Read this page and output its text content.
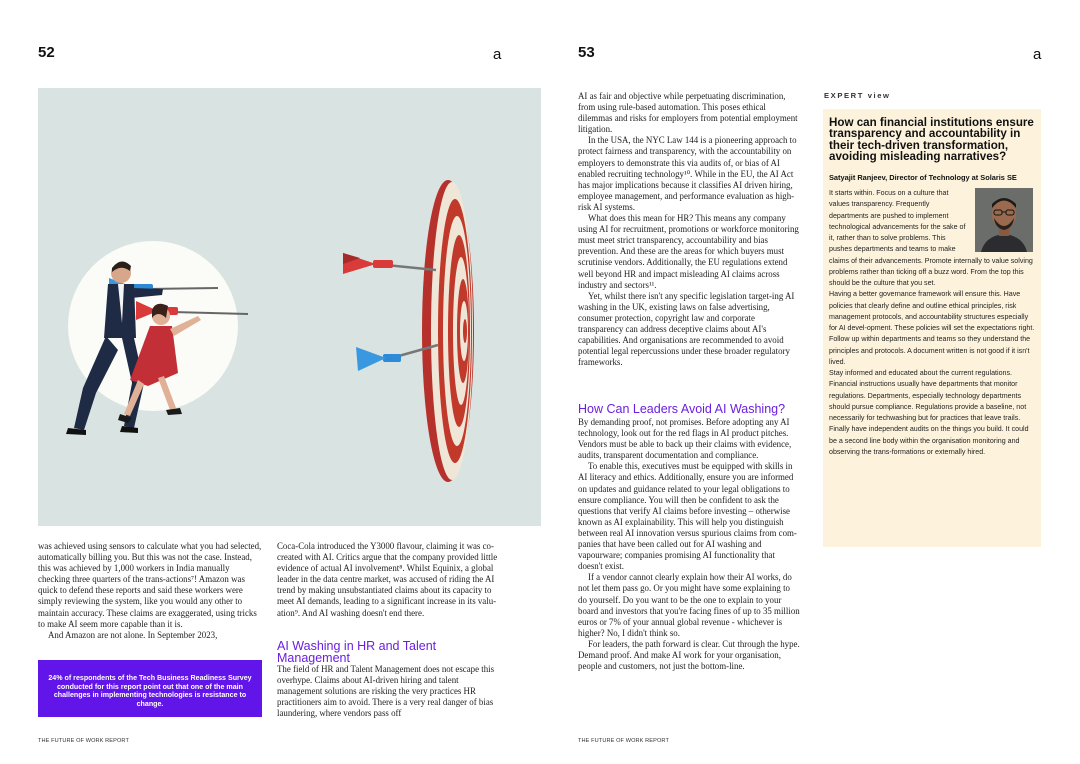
52	a

was achieved using sensors to calculate what you had selected, automatically billing you. But this was not the case. Instead, this was achieved by 1,000 workers in India manually checking three quarters of the trans-actions⁷! Amazon was quick to defend these reports and said these workers were simply reviewing the system, like you would any other to maintain accuracy. These claims are exaggerated, using tricks to make AI seem more capable than it is.

And Amazon are not alone. In September 2023,

24% of respondents of the Tech Business Readiness Survey conducted for this report point out that one of the main challenges in implementing technologies is resistance to change.

Coca-Cola introduced the Y3000 flavour, claiming it was co-created with AI. Critics argue that the company provided little evidence of actual AI involvement⁸. Whilst Equinix, a global leader in the data centre market, was accused of riding the AI trend by making unsubstantiated claims about its capacity to meet AI demands, leading to a significant increase in its valu-ation⁹. And AI washing doesn't end there.

AI Washing in HR and Talent Management

The field of HR and Talent Management does not escape this overhype. Claims about AI-driven hiring and talent management solutions are risking the very practices HR practitioners aim to avoid. There is a very real danger of bias laundering, where vendors pass off

THE FUTURE OF WORK REPORT
53	a

AI as fair and objective while perpetuating discrimination, from using rule-based automation. This poses ethical dilemmas and risks for employers from potential employment litigation.

In the USA, the NYC Law 144 is a pioneering approach to protect fairness and transparency, with the accountability on employers to demonstrate this via audits of, or bias of AI enabled recruiting technology¹⁰. While in the EU, the AI Act has major implications because it classifies AI driven hiring, employee management, and performance evaluation as high-risk AI systems.

What does this mean for HR? This means any company using AI for recruitment, promotions or workforce monitoring must meet strict transparency, accountability and bias prevention. And these are the areas for which buyers must scrutinise vendors. Additionally, the EU regulations extend well beyond HR and impact misleading AI claims across industry and sectors¹¹.

Yet, whilst there isn't any specific legislation target-ing AI washing in the UK, existing laws on false advertising, consumer protection, copyright law and corporate transparency can address deceptive claims about AI's capabilities. And organisations are recommended to avoid potential legal repercussions under these broader regulatory frameworks.

How Can Leaders Avoid AI Washing?

By demanding proof, not promises. Before adopting any AI technology, look out for the red flags in AI product pitches. Vendors must be able to back up their claims with evidence, audits, transparent documentation and compliance.

To enable this, executives must be equipped with skills in AI literacy and ethics. Additionally, ensure you are informed on updates and guidance related to your legal obligations to ensure compliance. You will then be confident to ask the questions that verify AI claims before investing – otherwise known as AI explainability. This will help you distinguish between real AI innovation versus spurious claims from com-panies that have been called out for AI washing and vapourware; companies promising AI functionality that doesn't exist.

If a vendor cannot clearly explain how their AI works, do not let them pass go. Or you might have some explaining to do yourself. Do you want to be the one to explain to your board and investors that you're facing fines of up to 35 million euros or 7% of your annual global revenue - whichever is higher? No, I didn't think so.

For leaders, the path forward is clear. Cut through the hype. Demand proof. And make AI work for your organisation, people and customers, not just the bottom-line.

THE FUTURE OF WORK REPORT
EXPERT view
How can financial institutions ensure transparency and accountability in their tech-driven transformation, avoiding misleading narratives?
Satyajit Ranjeev, Director of Technology at Solaris SE

It starts within. Focus on a culture that values transparency. Frequently departments are pushed to implement technological advancements for the sake of it, rather than to solve problems. This pushes departments and teams to make claims of their advancements. Promote internally to value solving problems rather than ticking off a buzz word. From the top this should be the culture that you set.

Having a better governance framework will ensure this. Have policies that clearly define and outline ethical principles, risk management protocols, and accountability structures especially for AI devel-opment. These policies will set the expectations right. Follow up within departments and teams so they understand the principles and protocols. A document written is not good if it isn't lived.

Stay informed and educated about the current regulations. Financial instructions usually have departments that monitor regulations. Departments, especially technology departments should pursue compliance. Regulations provide a baseline, not necessarily for techwashing but for practices that leave trails.

Finally have independent audits on the things you build. It could be a second line body within the organisation monitoring and observing the trans-formations or externally hired.
